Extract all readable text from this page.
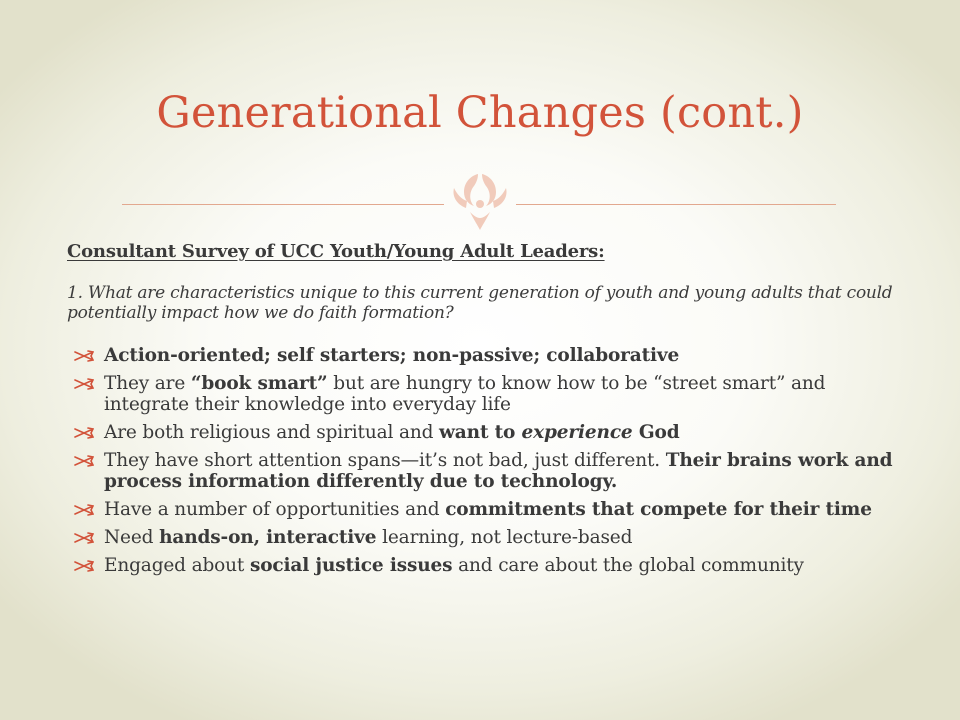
Generational Changes (cont.)
Consultant Survey of UCC Youth/Young Adult Leaders:
1. What are characteristics unique to this current generation of youth and young adults that could potentially impact how we do faith formation?
Action-oriented; self starters; non-passive; collaborative
They are “book smart” but are hungry to know how to be “street smart” and integrate their knowledge into everyday life
Are both religious and spiritual and want to experience God
They have short attention spans—it’s not bad, just different. Their brains work and process information differently due to technology.
Have a number of opportunities and commitments that compete for their time
Need hands-on, interactive learning, not lecture-based
Engaged about social justice issues and care about the global community
